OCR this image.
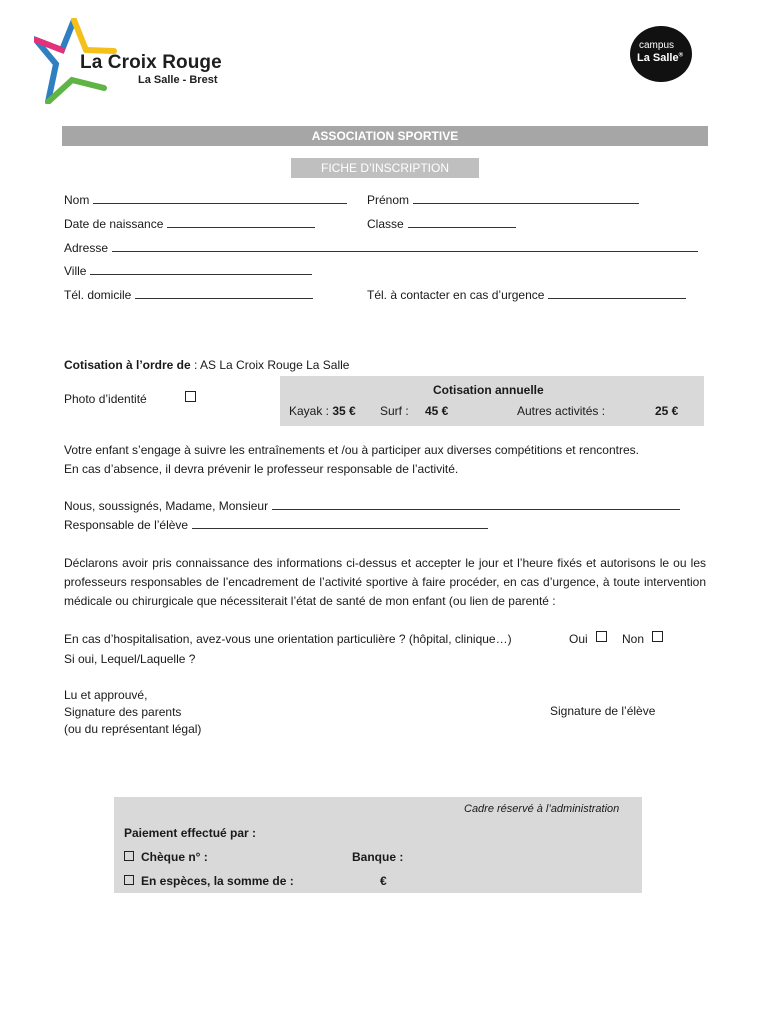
La Croix Rouge
La Salle - Brest
campus
La Salle®
ASSOCIATION SPORTIVE
FICHE D’INSCRIPTION
Nom	Prénom
Date de naissance	Classe
Adresse
Ville
Tél. domicile	Tél. à contacter en cas d’urgence
Cotisation à l’ordre de : AS La Croix Rouge La Salle
Photo d’identité
Cotisation annuelle
Kayak : 35 € Surf : 45 €	Autres activités :	25 €
Votre enfant s’engage à suivre les entraînements et /ou à participer aux diverses compétitions et rencontres.
En cas d’absence, il devra prévenir le professeur responsable de l’activité.
Nous, soussignés, Madame, Monsieur
Responsable de l’élève
Déclarons avoir pris connaissance des informations ci-dessus et accepter le jour et l’heure fixés et autorisons le ou les professeurs responsables de l’encadrement de l’activité sportive à faire procéder, en cas d’urgence, à toute intervention médicale ou chirurgicale que nécessiterait l’état de santé de mon enfant (ou lien de parenté :
En cas d’hospitalisation, avez-vous une orientation particulière ? (hôpital, clinique…)	Oui	Non
Si oui, Lequel/Laquelle ?
Lu et approuvé,
Signature des parents
(ou du représentant légal)
Signature de l’élève
Cadre réservé à l’administration
Paiement effectué par :
Chèque n° :	Banque :
En espèces, la somme de :	€
